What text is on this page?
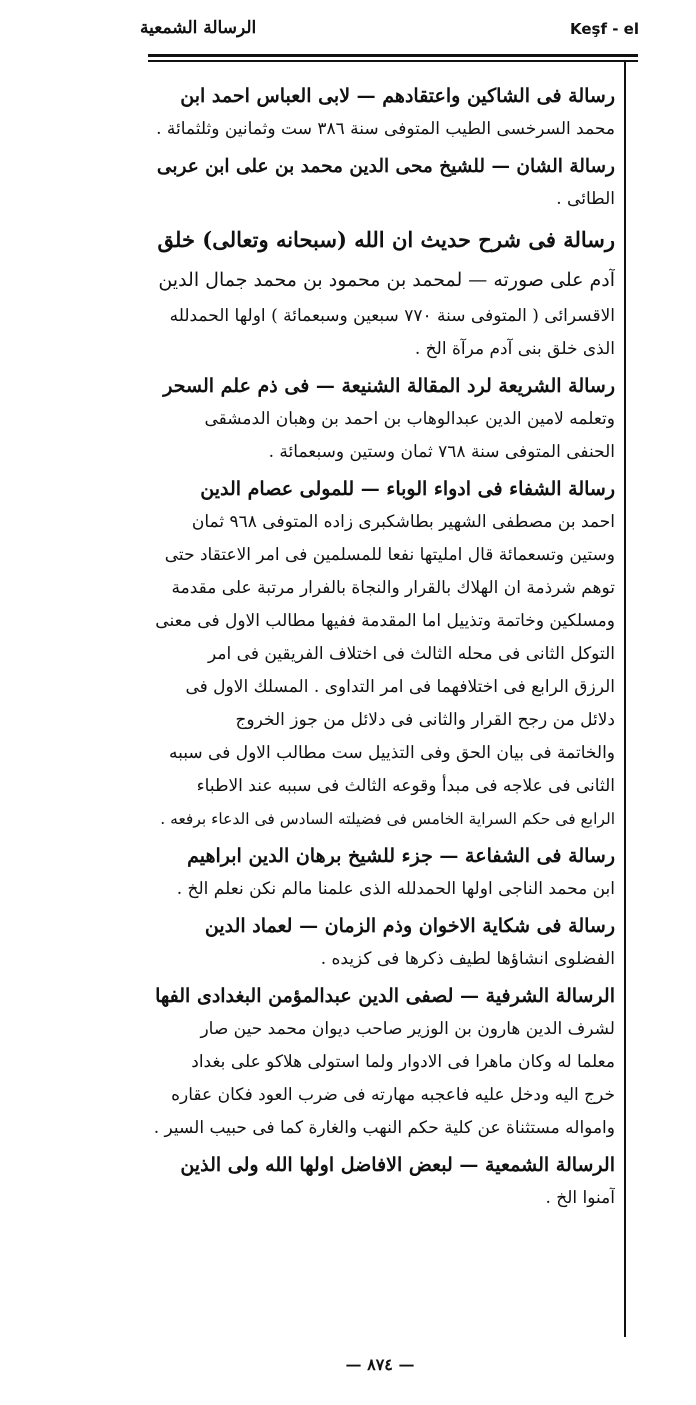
الرسالة الشمعية	Keşf - el
رسالة فى الشاكين واعتقادهم — لابى العباس احمد ابن
محمد السرخسى الطيب المتوفى سنة ٣٨٦ ست وثمانين وثلثمائة .
رسالة الشان — للشيخ محى الدين محمد بن على ابن عربى
الطائى .
رسالة فى شرح حديث ان الله (سبحانه وتعالى) خلق
آدم على صورته — لمحمد بن محمود بن محمد جمال الدين
الاقسرائى ( المتوفى سنة ٧٧٠ سبعين وسبعمائة ) اولها الحمدلله
الذى خلق بنى آدم مرآة الخ .
رسالة الشريعة لرد المقالة الشنيعة — فى ذم علم السحر
وتعلمه لامين الدين عبدالوهاب بن احمد بن وهبان الدمشقى
الحنفى المتوفى سنة ٧٦٨ ثمان وستين وسبعمائة .
رسالة الشفاء فى ادواء الوباء — للمولى عصام الدين
احمد بن مصطفى الشهير بطاشكبرى زاده المتوفى ٩٦٨ ثمان
وستين وتسعمائة قال امليتها نفعا للمسلمين فى امر الاعتقاد حتى
توهم شرذمة ان الهلاك بالقرار والنجاة بالفرار مرتبة على مقدمة
ومسلكين وخاتمة وتذييل اما المقدمة ففيها مطالب الاول فى معنى
التوكل الثانى فى محله الثالث فى اختلاف الفريقين فى امر
الرزق الرابع فى اختلافهما فى امر التداوى . المسلك الاول فى
دلائل من رجح القرار والثانى فى دلائل من جوز الخروج
والخاتمة فى بيان الحق وفى التذييل ست مطالب الاول فى سببه
الثانى فى علاجه فى مبدأ وقوعه الثالث فى سببه عند الاطباء
الرابع فى حكم السراية الخامس فى فضيلته السادس فى الدعاء برفعه .
رسالة فى الشفاعة — جزء للشيخ برهان الدين ابراهيم
ابن محمد الناجى اولها الحمدلله الذى علمنا مالم نكن نعلم الخ .
رسالة فى شكاية الاخوان وذم الزمان — لعماد الدين
الفضلوى انشاؤها لطيف ذكرها فى كزيده .
الرسالة الشرفية — لصفى الدين عبدالمؤمن البغدادى الفها
لشرف الدين هارون بن الوزير صاحب ديوان محمد حين صار
معلما له وكان ماهرا فى الادوار ولما استولى هلاكو على بغداد
خرج اليه ودخل عليه فاعجبه مهارته فى ضرب العود فكان عقاره
وامواله مستثناة عن كلية حكم النهب والغارة كما فى حبيب السير .
الرسالة الشمعية — لبعض الافاضل اولها الله ولى الذين
آمنوا الخ .
— ٨٧٤ —
